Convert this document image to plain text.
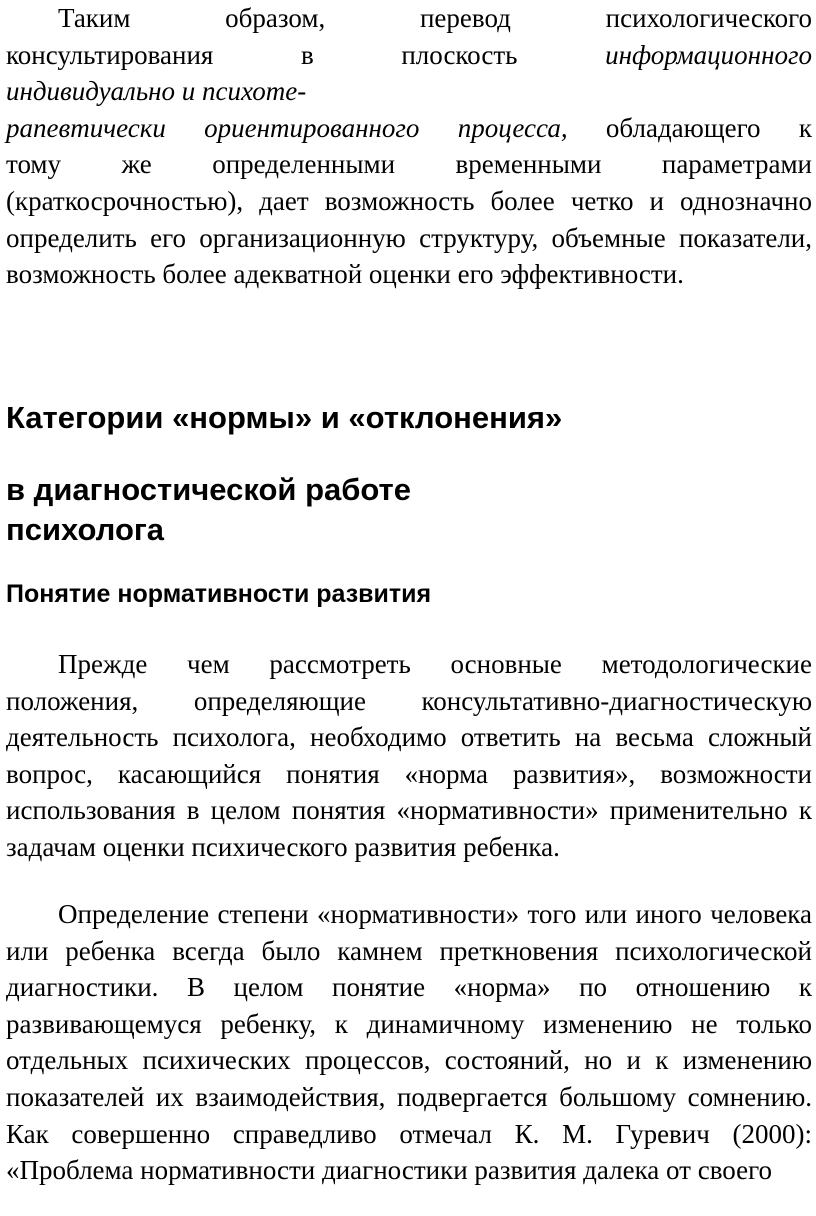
Таким образом, перевод психологического
консультирования в плоскость информационного
индивидуально и психоте-
рапевтически ориентированного процесса, обладающего к
тому же определенными временными параметрами (краткосрочностью), дает возможность более четко и однозначно определить его организационную структуру, объемные показатели, возможность более адекватной оценки его эффективности.
Категории «нормы» и «отклонения»
в диагностической работе
психолога
Понятие нормативности развития

Прежде чем рассмотреть основные методологические положения, определяющие консультативно-диагностическую деятельность психолога, необходимо ответить на весьма сложный вопрос, касающийся понятия «норма развития», возможности использования в целом понятия «нормативности» применительно к задачам оценки психического развития ребенка.

Определение степени «нормативности» того или иного человека или ребенка всегда было камнем преткновения психологической диагностики. В целом понятие «норма» по отношению к развивающемуся ребенку, к динамичному изменению не только отдельных психических процессов, состояний, но и к изменению показателей их взаимодействия, подвергается большому сомнению. Как совершенно справедливо отмечал К. М. Гуревич (2000): «Проблема нормативности диагностики развития далека от своего
